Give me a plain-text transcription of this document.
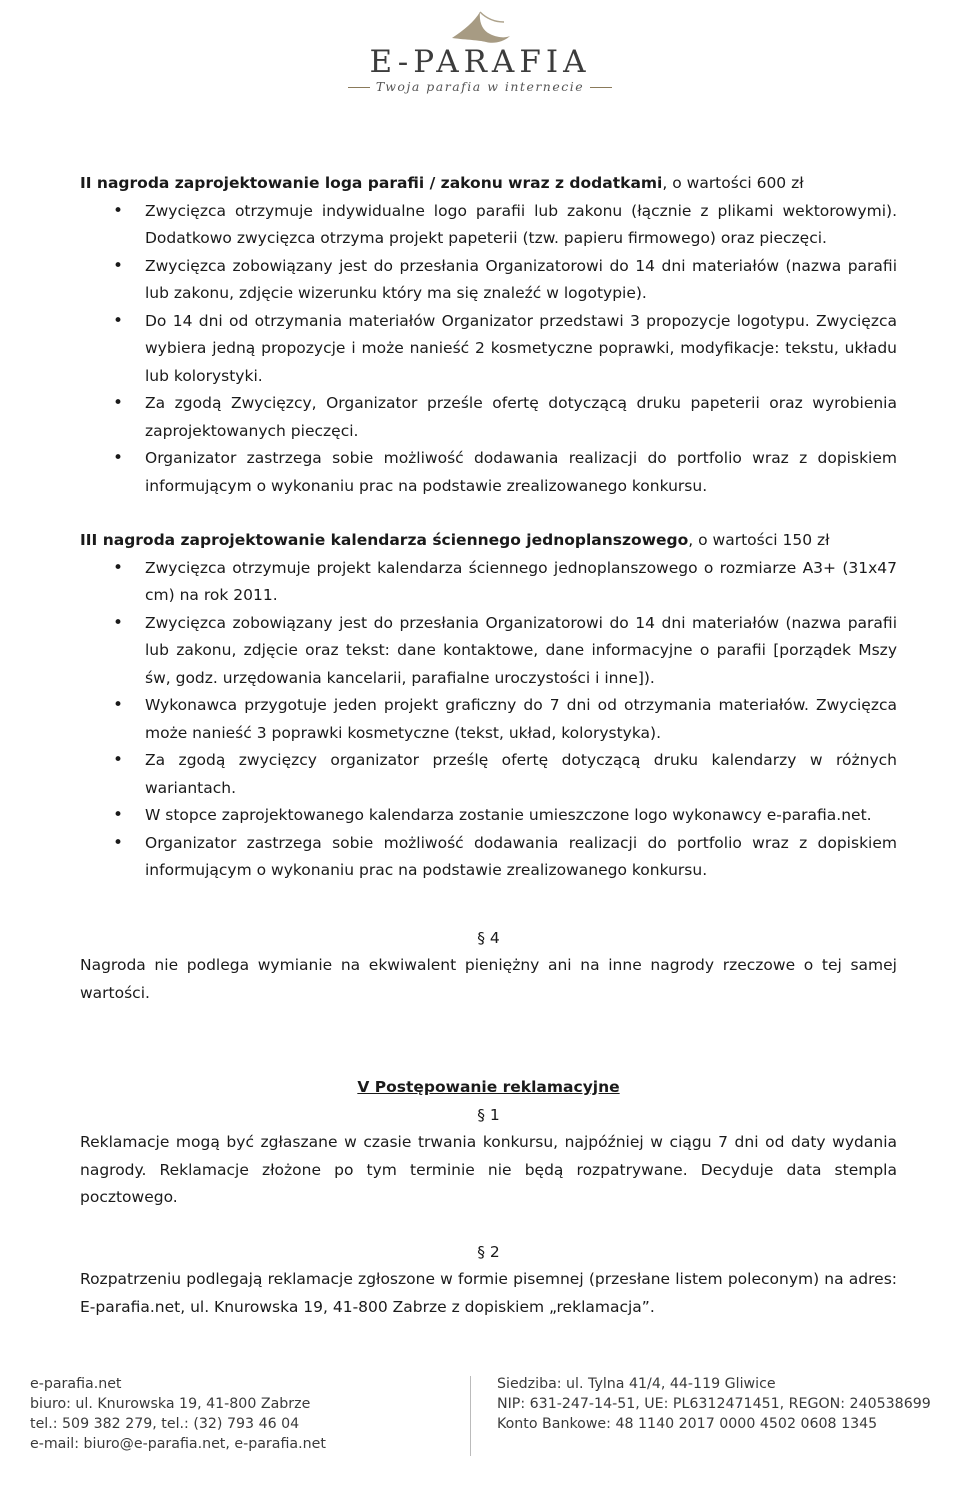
E-PARAFIA
Twoja parafia w internecie

II nagroda zaprojektowanie loga parafii / zakonu wraz z dodatkami, o wartości 600 zł

• Zwycięzca otrzymuje indywidualne logo parafii lub zakonu (łącznie z plikami wektorowymi). Dodatkowo zwycięzca otrzyma projekt papeterii (tzw. papieru firmowego) oraz pieczęci.
• Zwycięzca zobowiązany jest do przesłania Organizatorowi do 14 dni materiałów (nazwa parafii lub zakonu, zdjęcie wizerunku który ma się znaleźć w logotypie).
• Do 14 dni od otrzymania materiałów Organizator przedstawi 3 propozycje logotypu. Zwycięzca wybiera jedną propozycje i może nanieść 2 kosmetyczne poprawki, modyfikacje: tekstu, układu lub kolorystyki.
• Za zgodą Zwycięzcy, Organizator prześle ofertę dotyczącą druku papeterii oraz wyrobienia zaprojektowanych pieczęci.
• Organizator zastrzega sobie możliwość dodawania realizacji do portfolio wraz z dopiskiem informującym o wykonaniu prac na podstawie zrealizowanego konkursu.

III nagroda zaprojektowanie kalendarza ściennego jednoplanszowego, o wartości 150 zł

• Zwycięzca otrzymuje projekt kalendarza ściennego jednoplanszowego o rozmiarze A3+ (31x47 cm) na rok 2011.
• Zwycięzca zobowiązany jest do przesłania Organizatorowi do 14 dni materiałów (nazwa parafii lub zakonu, zdjęcie oraz tekst: dane kontaktowe, dane informacyjne o parafii [porządek Mszy św, godz. urzędowania kancelarii, parafialne uroczystości i inne]).
• Wykonawca przygotuje jeden projekt graficzny do 7 dni od otrzymania materiałów. Zwycięzca może nanieść 3 poprawki kosmetyczne (tekst, układ, kolorystyka).
• Za zgodą zwycięzcy organizator prześlę ofertę dotyczącą druku kalendarzy w różnych wariantach.
• W stopce zaprojektowanego kalendarza zostanie umieszczone logo wykonawcy e-parafia.net.
• Organizator zastrzega sobie możliwość dodawania realizacji do portfolio wraz z dopiskiem informującym o wykonaniu prac na podstawie zrealizowanego konkursu.

§ 4

Nagroda nie podlega wymianie na ekwiwalent pieniężny ani na inne nagrody rzeczowe o tej samej wartości.

V Postępowanie reklamacyjne

§ 1

Reklamacje mogą być zgłaszane w czasie trwania konkursu, najpóźniej w ciągu 7 dni od daty wydania nagrody. Reklamacje złożone po tym terminie nie będą rozpatrywane. Decyduje data stempla pocztowego.

§ 2

Rozpatrzeniu podlegają reklamacje zgłoszone w formie pisemnej (przesłane listem poleconym) na adres: E-parafia.net, ul. Knurowska 19, 41-800 Zabrze z dopiskiem „reklamacja”.

e-parafia.net
biuro: ul. Knurowska 19, 41-800 Zabrze
tel.: 509 382 279, tel.: (32) 793 46 04
e-mail: biuro@e-parafia.net, e-parafia.net
Siedziba: ul. Tylna 41/4, 44-119 Gliwice
NIP: 631-247-14-51, UE: PL6312471451, REGON: 240538699
Konto Bankowe: 48 1140 2017 0000 4502 0608 1345
